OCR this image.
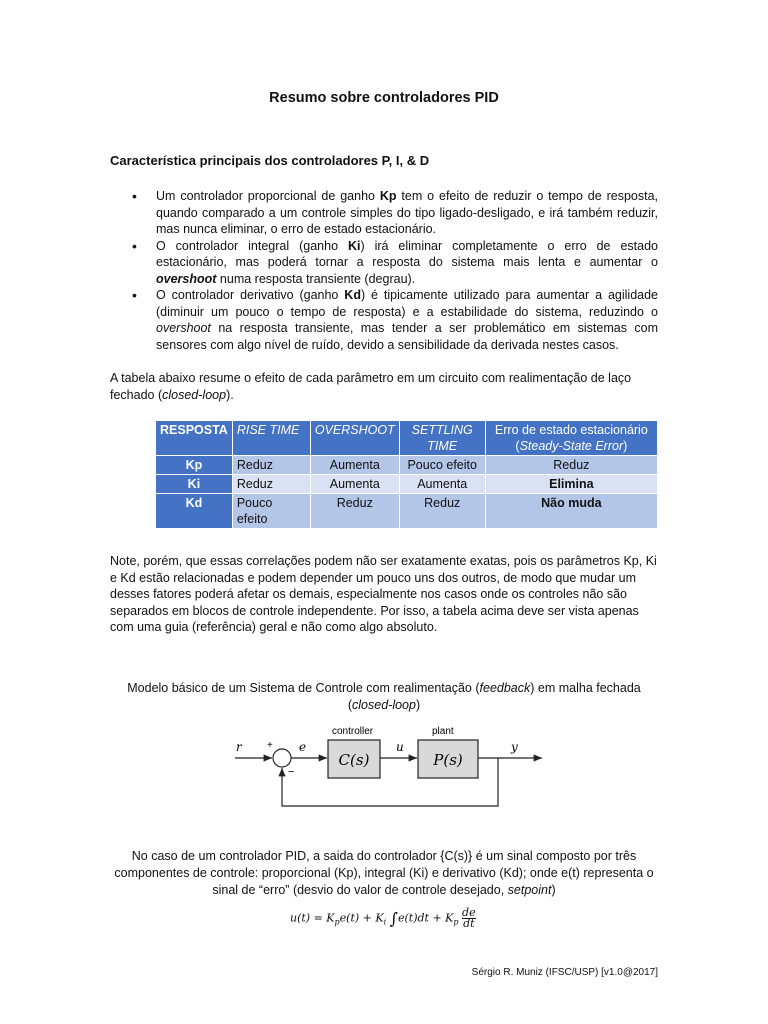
Resumo sobre controladores PID
Característica principais dos controladores P, I, & D
• Um controlador proporcional de ganho Kp tem o efeito de reduzir o tempo de resposta, quando comparado a um controle simples do tipo ligado-desligado, e irá também reduzir, mas nunca eliminar, o erro de estado estacionário.
• O controlador integral (ganho Ki) irá eliminar completamente o erro de estado estacionário, mas poderá tornar a resposta do sistema mais lenta e aumentar o overshoot numa resposta transiente (degrau).
• O controlador derivativo (ganho Kd) é tipicamente utilizado para aumentar a agilidade (diminuir um pouco o tempo de resposta) e a estabilidade do sistema, reduzindo o overshoot na resposta transiente, mas tender a ser problemático em sistemas com sensores com algo nível de ruído, devido a sensibilidade da derivada nestes casos.

A tabela abaixo resume o efeito de cada parâmetro em um circuito com realimentação de laço fechado (closed-loop).

RESPOSTA	RISE TIME	OVERSHOOT	SETTLING TIME	Erro de estado estacionário
(Steady-State Error)
Kp	Reduz	Aumenta	Pouco efeito	Reduz
Ki	Reduz	Aumenta	Aumenta	Elimina
Kd	Pouco efeito	Reduz	Reduz	Não muda

Note, porém, que essas correlações podem não ser exatamente exatas, pois os parâmetros Kp, Ki e Kd estão relacionadas e podem depender um pouco uns dos outros, de modo que mudar um desses fatores poderá afetar os demais, especialmente nos casos onde os controles não são separados em blocos de controle independente. Por isso, a tabela acima deve ser vista apenas com uma guia (referência) geral e não como algo absoluto.

Modelo básico de um Sistema de Controle com realimentação (feedback) em malha fechada (closed-loop)

r	+
−
e
controller
C(s)
u
plant
P(s)
y

No caso de um controlador PID, a saida do controlador {C(s)} é um sinal composto por três componentes de controle: proporcional (Kp), integral (Ki) e derivativo (Kd); onde e(t) representa o sinal de “erro” (desvio do valor de controle desejado, setpoint)

$u(t) = K_pe(t) + K_i$ $\int e(t)dt + K_p \frac{de}{dt}$
Sérgio R. Muniz (IFSC/USP) [v1.0@2017]
